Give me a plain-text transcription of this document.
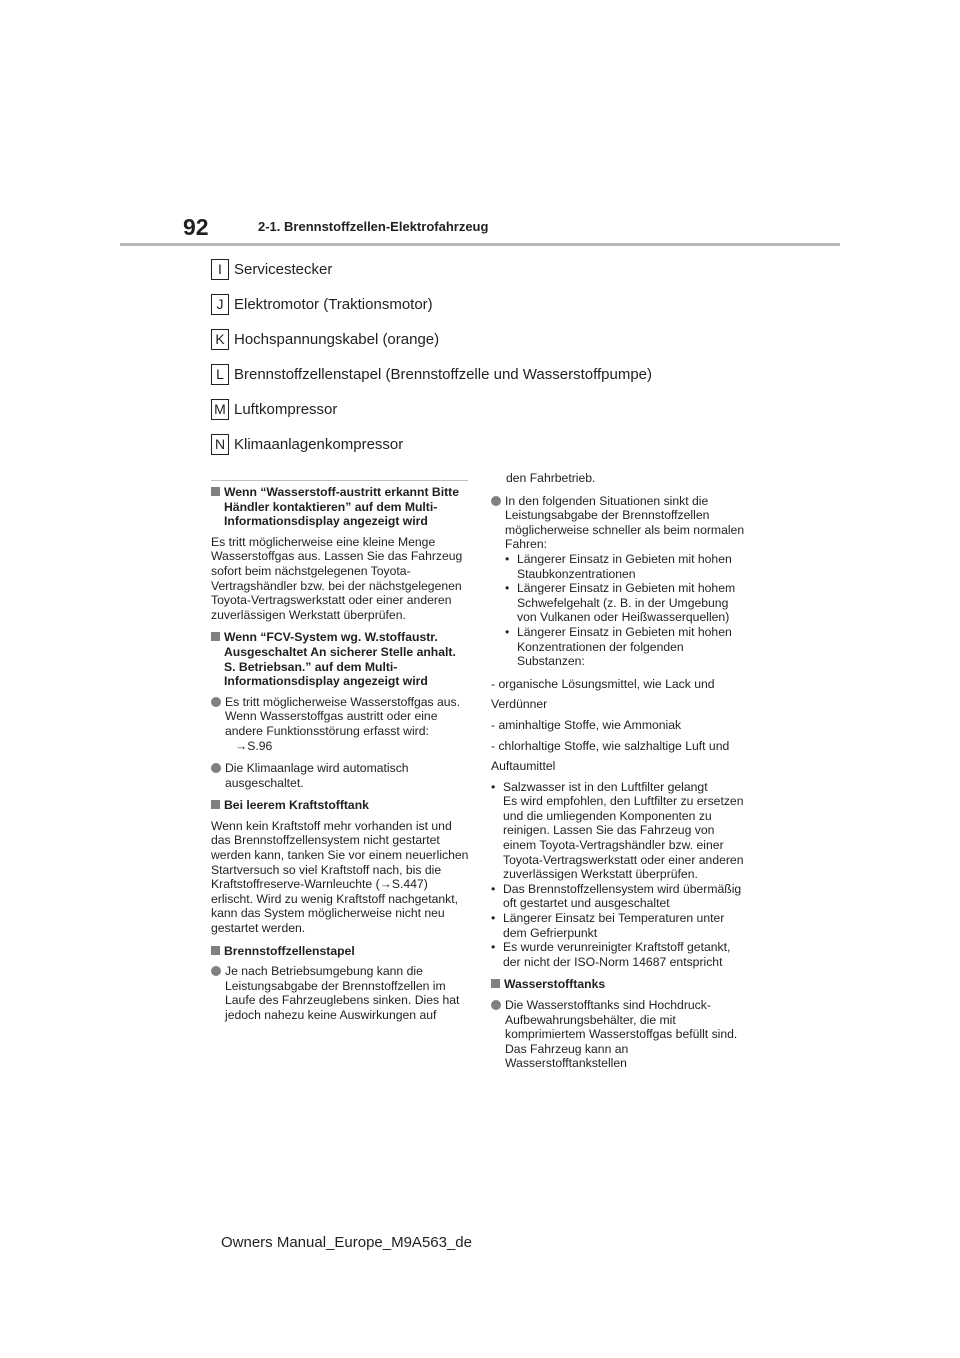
92	2-1. Brennstoffzellen-Elektrofahrzeug
I Servicestecker
J Elektromotor (Traktionsmotor)
K Hochspannungskabel (orange)
L Brennstoffzellenstapel (Brennstoffzelle und Wasserstoffpumpe)
M Luftkompressor
N Klimaanlagenkompressor
Wenn “Wasserstoff-austritt erkannt Bitte Händler kontaktieren” auf dem Multi-Informationsdisplay angezeigt wird
Es tritt möglicherweise eine kleine Menge Wasserstoffgas aus. Lassen Sie das Fahrzeug sofort beim nächstgelegenen Toyota-Vertragshändler bzw. bei der nächstgelegenen Toyota-Vertragswerkstatt oder einer anderen zuverlässigen Werkstatt überprüfen.
Wenn “FCV-System wg. W.stoffaustr. Ausgeschaltet An sicherer Stelle anhalt. S. Betriebsan.” auf dem Multi-Informationsdisplay angezeigt wird
Es tritt möglicherweise Wasserstoffgas aus.
Wenn Wasserstoffgas austritt oder eine andere Funktionsstörung erfasst wird:
→S.96
Die Klimaanlage wird automatisch ausgeschaltet.
Bei leerem Kraftstofftank
Wenn kein Kraftstoff mehr vorhanden ist und das Brennstoffzellensystem nicht gestartet werden kann, tanken Sie vor einem neuerlichen Startversuch so viel Kraftstoff nach, bis die Kraftstoffreserve-Warnleuchte (→S.447) erlischt. Wird zu wenig Kraftstoff nachgetankt, kann das System möglicherweise nicht neu gestartet werden.
Brennstoffzellenstapel
Je nach Betriebsumgebung kann die Leistungsabgabe der Brennstoffzellen im Laufe des Fahrzeuglebens sinken. Dies hat jedoch nahezu keine Auswirkungen auf
den Fahrbetrieb.
In den folgenden Situationen sinkt die Leistungsabgabe der Brennstoffzellen möglicherweise schneller als beim normalen Fahren:
• Längerer Einsatz in Gebieten mit hohen Staubkonzentrationen
• Längerer Einsatz in Gebieten mit hohem Schwefelgehalt (z. B. in der Umgebung von Vulkanen oder Heißwasserquellen)
• Längerer Einsatz in Gebieten mit hohen Konzentrationen der folgenden Substanzen:
- organische Lösungsmittel, wie Lack und
Verdünner
- aminhaltige Stoffe, wie Ammoniak
- chlorhaltige Stoffe, wie salzhaltige Luft und
Auftaumittel
• Salzwasser ist in den Luftfilter gelangt
Es wird empfohlen, den Luftfilter zu ersetzen und die umliegenden Komponenten zu reinigen. Lassen Sie das Fahrzeug von einem Toyota-Vertragshändler bzw. einer Toyota-Vertragswerkstatt oder einer anderen zuverlässigen Werkstatt überprüfen.
• Das Brennstoffzellensystem wird übermäßig oft gestartet und ausgeschaltet
• Längerer Einsatz bei Temperaturen unter dem Gefrierpunkt
• Es wurde verunreinigter Kraftstoff getankt, der nicht der ISO-Norm 14687 entspricht
Wasserstofftanks
Die Wasserstofftanks sind Hochdruck-Aufbewahrungsbehälter, die mit komprimiertem Wasserstoffgas befüllt sind. Das Fahrzeug kann an Wasserstofftankstellen
Owners Manual_Europe_M9A563_de
